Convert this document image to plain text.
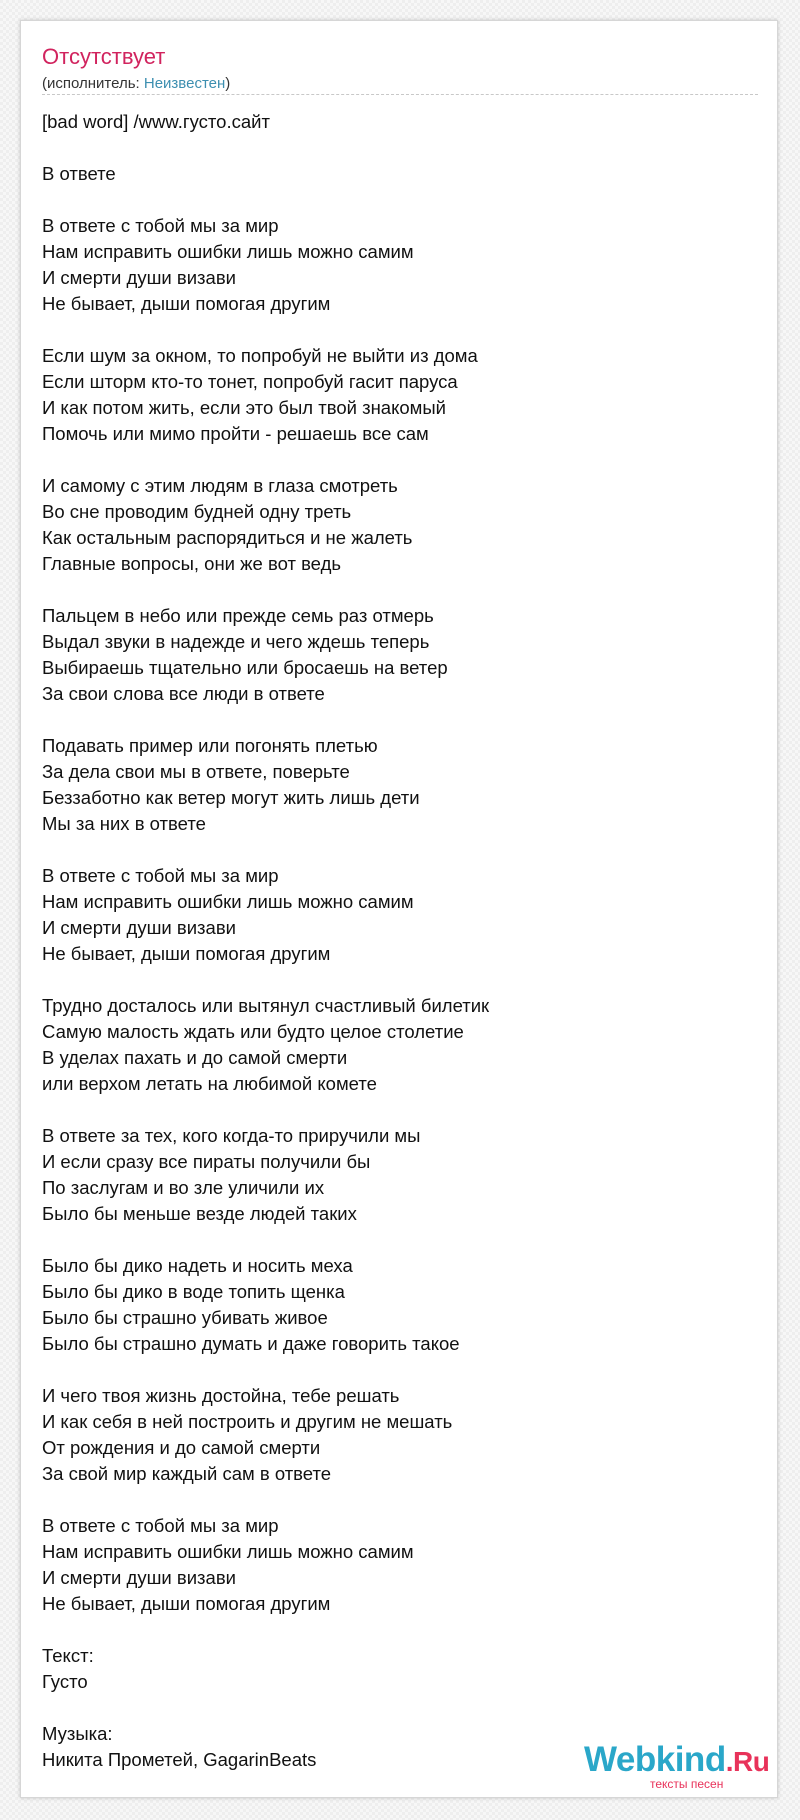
Отсутствует
(исполнитель: Неизвестен)
[bad word] /www.густо.сайт

В ответе

В ответе с тобой мы за мир
Нам исправить ошибки лишь можно самим
И смерти души визави
Не бывает, дыши помогая другим

Если шум за окном, то попробуй не выйти из дома
Если шторм кто-то тонет, попробуй гасит паруса
И как потом жить, если это был твой знакомый
Помочь или мимо пройти - решаешь все сам

И самому с этим людям в глаза смотреть
Во сне проводим будней одну треть
Как остальным распорядиться и не жалеть
Главные вопросы, они же вот ведь

Пальцем в небо или прежде семь раз отмерь
Выдал звуки в надежде и чего ждешь теперь
Выбираешь тщательно или бросаешь на ветер
За свои слова все люди в ответе

Подавать пример или погонять плетью
За дела свои мы в ответе, поверьте
Беззаботно как ветер могут жить лишь дети
Мы за них в ответе

В ответе с тобой мы за мир
Нам исправить ошибки лишь можно самим
И смерти души визави
Не бывает, дыши помогая другим

Трудно досталось или вытянул счастливый билетик
Самую малость ждать или будто целое столетие
В уделах пахать и до самой смерти
или верхом летать на любимой комете

В ответе за тех, кого когда-то приручили мы
И если сразу все пираты получили бы
По заслугам и во зле уличили их
Было бы меньше везде людей таких

Было бы дико надеть и носить меха
Было бы дико в воде топить щенка
Было бы страшно убивать живое
Было бы страшно думать и даже говорить такое

И чего твоя жизнь достойна, тебе решать
И как себя в ней построить и другим не мешать
От рождения и до самой смерти
За свой мир каждый сам в ответе

В ответе с тобой мы за мир
Нам исправить ошибки лишь можно самим
И смерти души визави
Не бывает, дыши помогая другим

Текст:
Густо

Музыка:
Никита Прометей, GagarinBeats	Webkind.Ru
тексты песен
